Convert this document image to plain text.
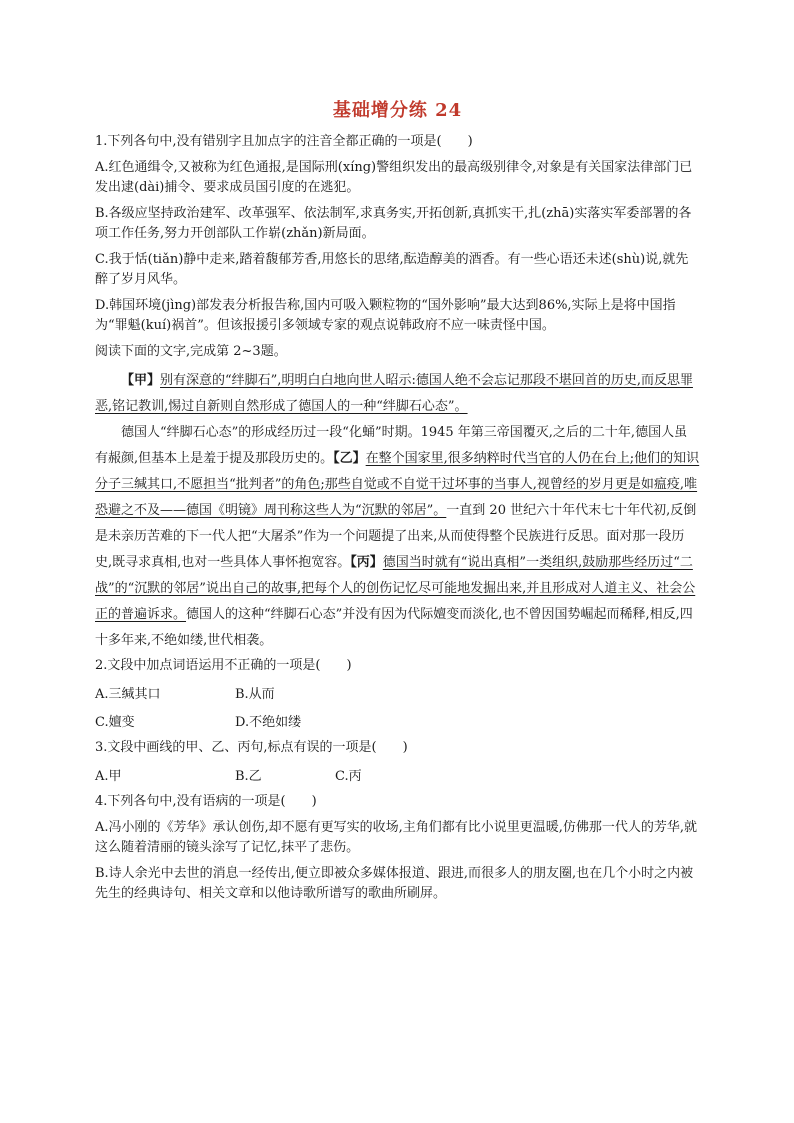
基础增分练 24

1.下列各句中,没有错别字且加点字的注音全都正确的一项是(　　)

A.红色通缉令,又被称为红色通报,是国际刑(xíng)警组织发出的最高级别律令,对象是有关国家法律部门已发出逮(dài)捕令、要求成员国引度的在逃犯。

B.各级应坚持政治建军、改革强军、依法制军,求真务实,开拓创新,真抓实干,扎(zhā)实落实军委部署的各项工作任务,努力开创部队工作崭(zhǎn)新局面。

C.我于恬(tiǎn)静中走来,踏着馥郁芳香,用悠长的思绪,酝造醇美的酒香。有一些心语还未述(shù)说,就先醉了岁月风华。

D.韩国环境(jìng)部发表分析报告称,国内可吸入颗粒物的“国外影响”最大达到86%,实际上是将中国指为“罪魁(kuí)祸首”。但该报援引多领域专家的观点说韩政府不应一味责怪中国。

阅读下面的文字,完成第 2~3题。

【甲】别有深意的“绊脚石”,明明白白地向世人昭示:德国人绝不会忘记那段不堪回首的历史,而反思罪恶,铭记教训,惕过自新则自然形成了德国人的一种“绊脚石心态”。

德国人“绊脚石心态”的形成经历过一段“化蛹”时期。1945 年第三帝国覆灭,之后的二十年,德国人虽有赧颜,但基本上是羞于提及那段历史的。【乙】在整个国家里,很多纳粹时代当官的人仍在台上;他们的知识分子三缄其口,不愿担当“批判者”的角色;那些自觉或不自觉干过坏事的当事人,视曾经的岁月更是如瘟疫,唯恐避之不及——德国《明镜》周刊称这些人为“沉默的邻居”。一直到 20 世纪六十年代末七十年代初,反倒是未亲历苦难的下一代人把“大屠杀”作为一个问题提了出来,从而使得整个民族进行反思。面对那一段历史,既寻求真相,也对一些具体人事怀抱宽容。【丙】德国当时就有“说出真相”一类组织,鼓励那些经历过“二战”的“沉默的邻居”说出自己的故事,把每个人的创伤记忆尽可能地发掘出来,并且形成对人道主义、社会公正的普遍诉求。德国人的这种“绊脚石心态”并没有因为代际嬗变而淡化,也不曾因国势崛起而稀释,相反,四十多年来,不绝如缕,世代相袭。

2.文段中加点词语运用不正确的一项是(　　)

A.三缄其口	B.从而
C.嬗变	D.不绝如缕

3.文段中画线的甲、乙、丙句,标点有误的一项是(　　)

A.甲	B.乙	C.丙

4.下列各句中,没有语病的一项是(　　)

A.冯小刚的《芳华》承认创伤,却不愿有更写实的收场,主角们都有比小说里更温暖,仿佛那一代人的芳华,就这么随着清丽的镜头涂写了记忆,抹平了悲伤。

B.诗人余光中去世的消息一经传出,便立即被众多媒体报道、跟进,而很多人的朋友圈,也在几个小时之内被先生的经典诗句、相关文章和以他诗歌所谱写的歌曲所刷屏。
